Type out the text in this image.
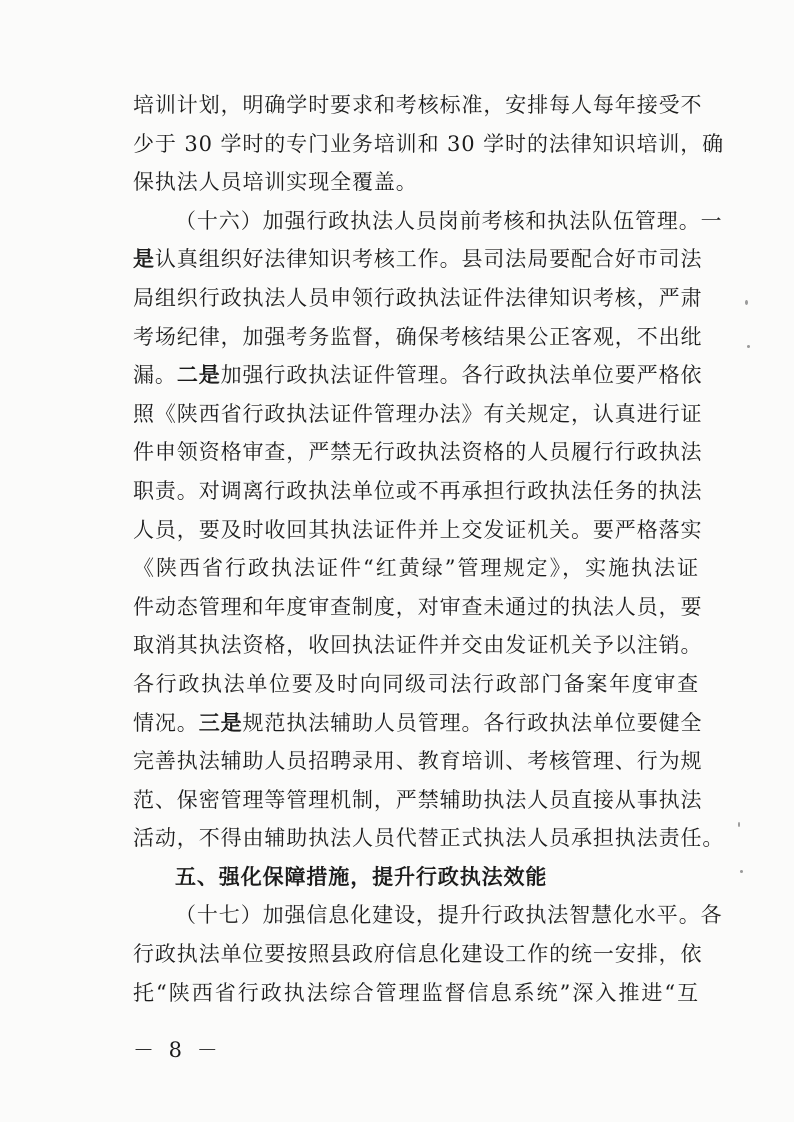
培训计划，明确学时要求和考核标准，安排每人每年接受不
少于 30 学时的专门业务培训和 30 学时的法律知识培训，确
保执法人员培训实现全覆盖。
（十六）加强行政执法人员岗前考核和执法队伍管理。一
是认真组织好法律知识考核工作。县司法局要配合好市司法
局组织行政执法人员申领行政执法证件法律知识考核，严肃
考场纪律，加强考务监督，确保考核结果公正客观，不出纰
漏。二是加强行政执法证件管理。各行政执法单位要严格依
照《陕西省行政执法证件管理办法》有关规定，认真进行证
件申领资格审查，严禁无行政执法资格的人员履行行政执法
职责。对调离行政执法单位或不再承担行政执法任务的执法
人员，要及时收回其执法证件并上交发证机关。要严格落实
《陕西省行政执法证件“红黄绿”管理规定》，实施执法证
件动态管理和年度审查制度，对审查未通过的执法人员，要
取消其执法资格，收回执法证件并交由发证机关予以注销。
各行政执法单位要及时向同级司法行政部门备案年度审查
情况。三是规范执法辅助人员管理。各行政执法单位要健全
完善执法辅助人员招聘录用、教育培训、考核管理、行为规
范、保密管理等管理机制，严禁辅助执法人员直接从事执法
活动，不得由辅助执法人员代替正式执法人员承担执法责任。
五、强化保障措施，提升行政执法效能
（十七）加强信息化建设，提升行政执法智慧化水平。各
行政执法单位要按照县政府信息化建设工作的统一安排，依
托“陕西省行政执法综合管理监督信息系统”深入推进“互
－ 8 －
